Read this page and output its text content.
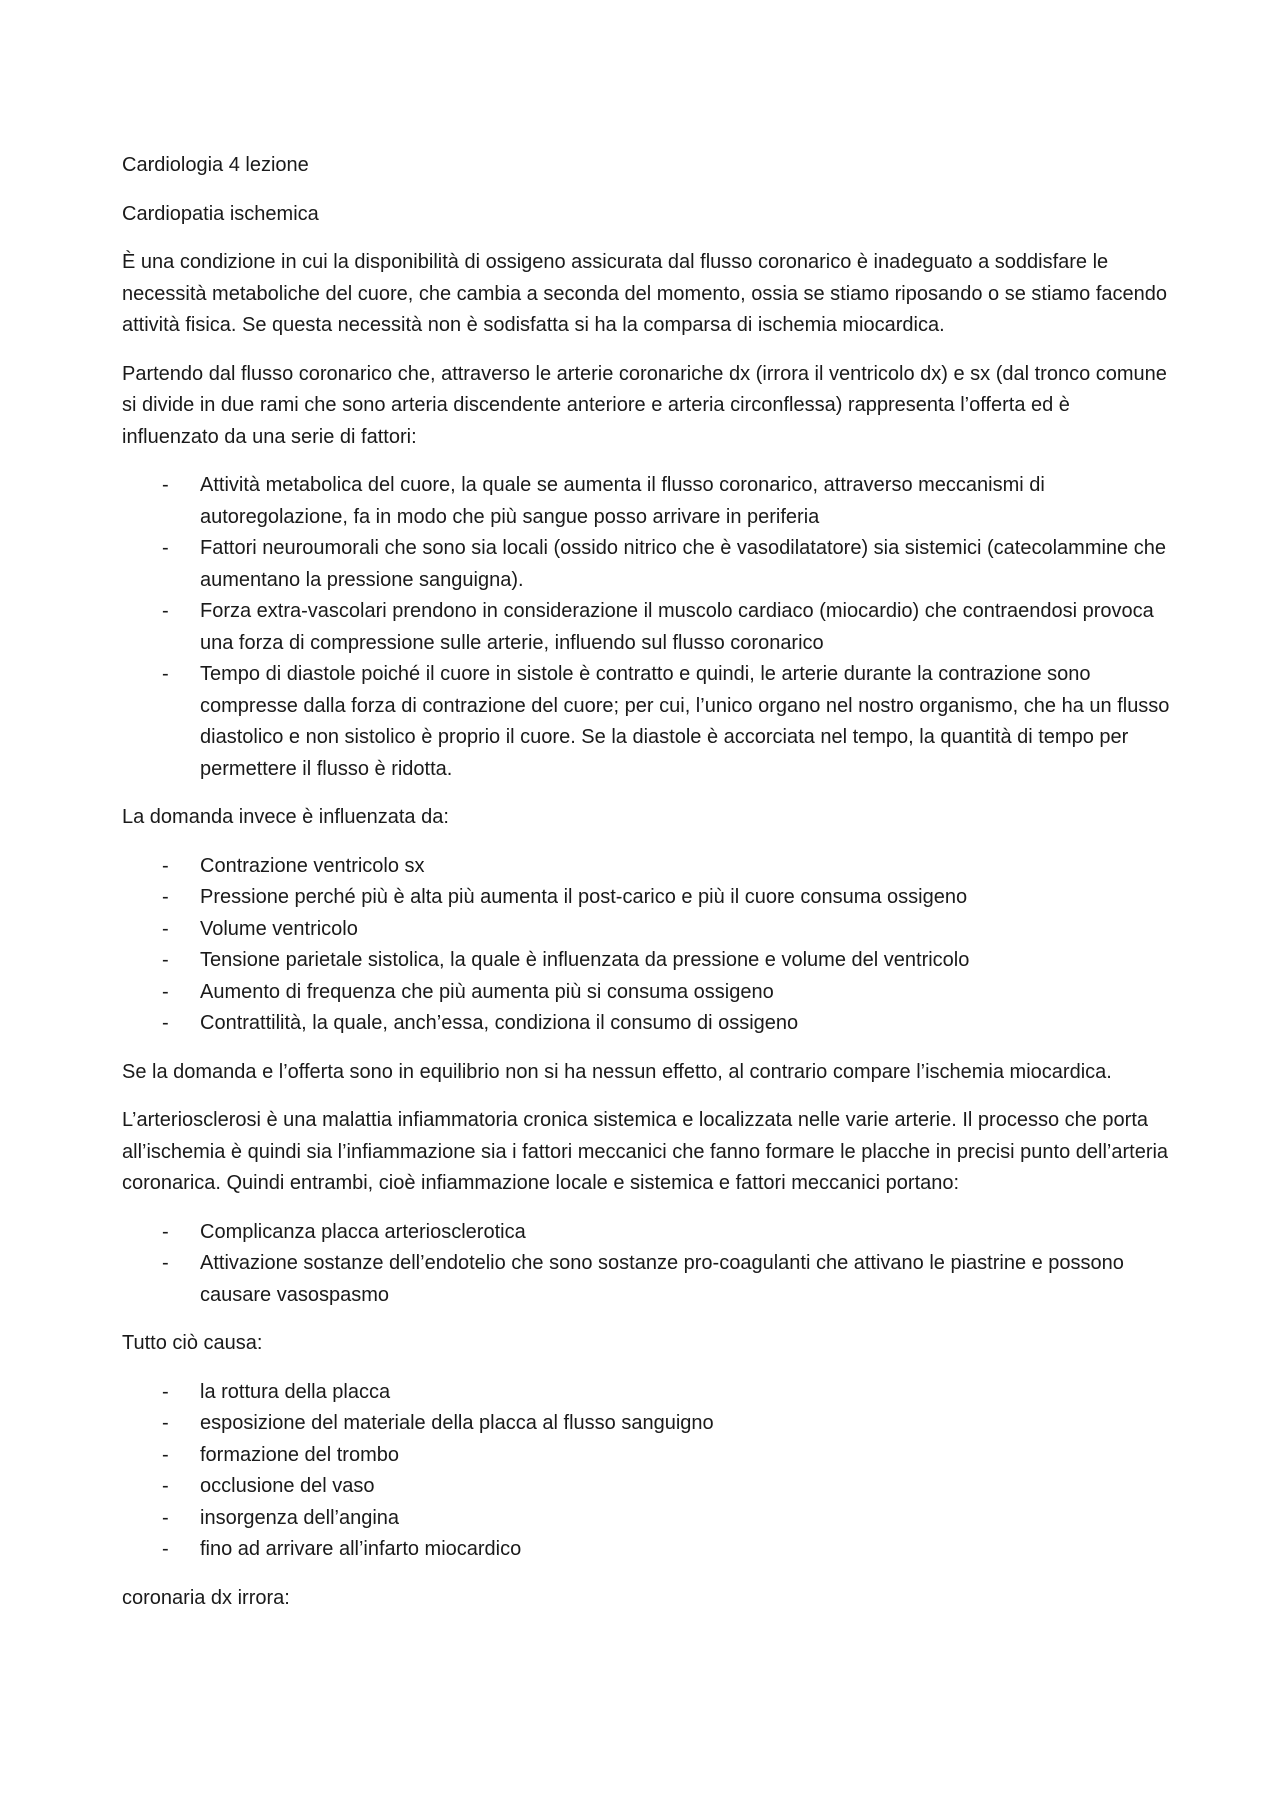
Cardiologia 4 lezione

Cardiopatia ischemica

È una condizione in cui la disponibilità di ossigeno assicurata dal flusso coronarico è inadeguato a soddisfare le necessità metaboliche del cuore, che cambia a seconda del momento, ossia se stiamo riposando o se stiamo facendo attività fisica. Se questa necessità non è sodisfatta si ha la comparsa di ischemia miocardica.

Partendo dal flusso coronarico che, attraverso le arterie coronariche dx (irrora il ventricolo dx) e sx (dal tronco comune si divide in due rami che sono arteria discendente anteriore e arteria circonflessa) rappresenta l’offerta ed è influenzato da una serie di fattori:

- Attività metabolica del cuore, la quale se aumenta il flusso coronarico, attraverso meccanismi di autoregolazione, fa in modo che più sangue posso arrivare in periferia
- Fattori neuroumorali che sono sia locali (ossido nitrico che è vasodilatatore) sia sistemici (catecolammine che aumentano la pressione sanguigna).
- Forza extra-vascolari prendono in considerazione il muscolo cardiaco (miocardio) che contraendosi provoca una forza di compressione sulle arterie, influendo sul flusso coronarico
- Tempo di diastole poiché il cuore in sistole è contratto e quindi, le arterie durante la contrazione sono compresse dalla forza di contrazione del cuore; per cui, l’unico organo nel nostro organismo, che ha un flusso diastolico e non sistolico è proprio il cuore. Se la diastole è accorciata nel tempo, la quantità di tempo per permettere il flusso è ridotta.

La domanda invece è influenzata da:

- Contrazione ventricolo sx
- Pressione perché più è alta più aumenta il post-carico e più il cuore consuma ossigeno
- Volume ventricolo
- Tensione parietale sistolica, la quale è influenzata da pressione e volume del ventricolo
- Aumento di frequenza che più aumenta più si consuma ossigeno
- Contrattilità, la quale, anch’essa, condiziona il consumo di ossigeno

Se la domanda e l’offerta sono in equilibrio non si ha nessun effetto, al contrario compare l’ischemia miocardica.

L’arteriosclerosi è una malattia infiammatoria cronica sistemica e localizzata nelle varie arterie. Il processo che porta all’ischemia è quindi sia l’infiammazione sia i fattori meccanici che fanno formare le placche in precisi punto dell’arteria coronarica. Quindi entrambi, cioè infiammazione locale e sistemica e fattori meccanici portano:

- Complicanza placca arteriosclerotica
- Attivazione sostanze dell’endotelio che sono sostanze pro-coagulanti che attivano le piastrine e possono causare vasospasmo

Tutto ciò causa:

- la rottura della placca
- esposizione del materiale della placca al flusso sanguigno
- formazione del trombo
- occlusione del vaso
- insorgenza dell’angina
- fino ad arrivare all’infarto miocardico

coronaria dx irrora:
